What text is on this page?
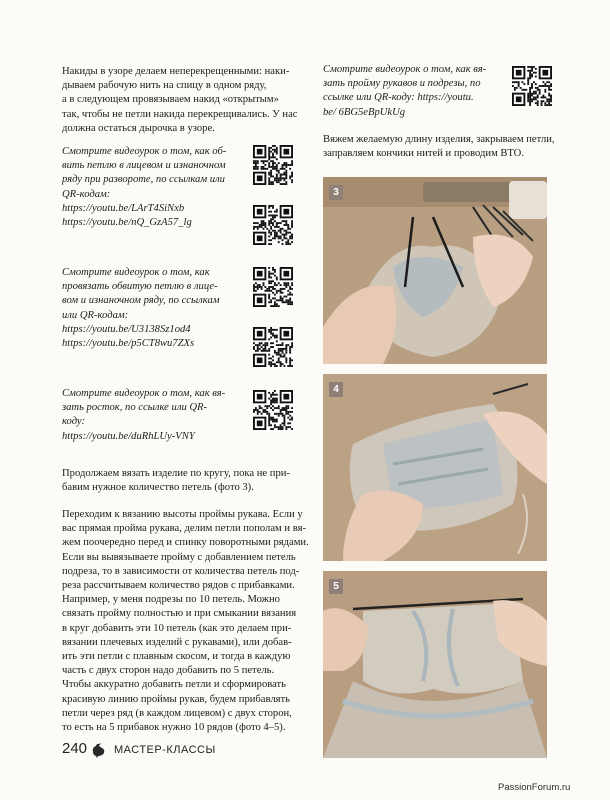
Накиды в узоре делаем неперекрещенными: наки-
дываем рабочую нить на спицу в одном ряду,
а в следующем провязываем накид «открытым»
так, чтобы не петли накида перекрещивались. У нас
должна остаться дырочка в узоре.
Смотрите видеоурок о том, как об-
вить петлю в лицевом и изнаночном
ряду при развороте, по ссылкам или
QR-кодам:
https://youtu.be/LArT4SiNxb
https://youtu.be/nQ_GzA57_lg
Смотрите видеоурок о том, как
провязать обвитую петлю в лице-
вом и изнаночном ряду, по ссылкам
или QR-кодам:
https://youtu.be/U3138Sz1od4
https://youtu.be/p5CT8wu7ZXs
Смотрите видеоурок о том, как вя-
зать росток, по ссылке или QR-
коду:
https://youtu.be/duRhLUy-VNY
Продолжаем вязать изделие по кругу, пока не при-
бавим нужное количество петель (фото 3).
Переходим к вязанию высоты проймы рукава. Если у
вас прямая пройма рукава, делим петли пополам и вя-
жем поочередно перед и спинку поворотными рядами.
Если вы вывязываете пройму с добавлением петель
подреза, то в зависимости от количества петель под-
реза рассчитываем количество рядов с прибавками.
Например, у меня подрезы по 10 петель. Можно
связать пройму полностью и при смыкании вязания
в круг добавить эти 10 петель (как это делаем при-
вязании плечевых изделий с рукавами), или добав-
ить эти петли с плавным скосом, и тогда в каждую
часть с двух сторон надо добавить по 5 петель.
Чтобы аккуратно добавить петли и сформировать
красивую линию проймы рукав, будем прибавлять
петли через ряд (в каждом лицевом) с двух сторон,
то есть на 5 прибавок нужно 10 рядов (фото 4–5).
Смотрите видеоурок о том, как вя-
зать пройму рукавов и подрезы, по
ссылке или QR-коду: https://youtu.
be/ 6BG5eBpUkUg
Вяжем желаемую длину изделия, закрываем петли,
заправляем кончики нитей и проводим ВТО.
3
4
5
240 МАСТЕР-КЛАССЫ
PassionForum.ru
